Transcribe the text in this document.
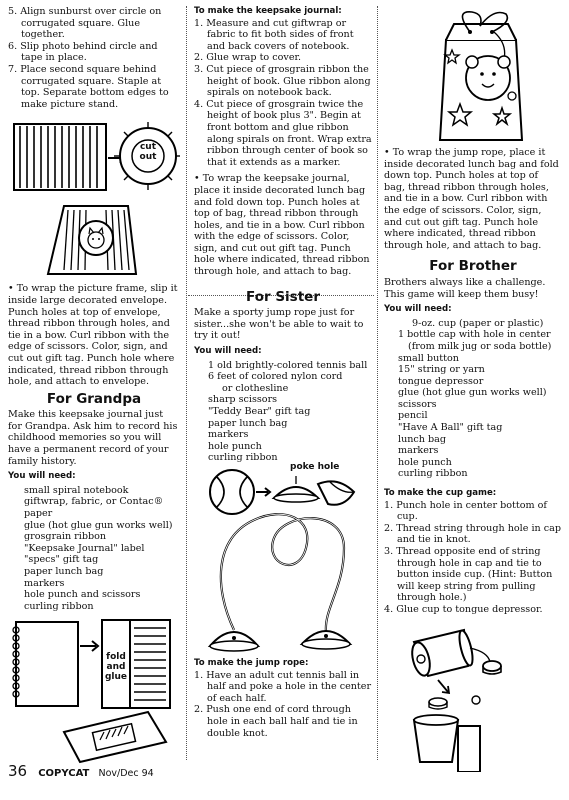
5. Align sunburst over circle on corrugated square. Glue together.
6. Slip photo behind circle and tape in place.
7. Place second square behind corrugated square. Staple at top. Separate bottom edges to make picture stand.
cut out
• To wrap the picture frame, slip it inside large decorated envelope. Punch holes at top of envelope, thread ribbon through holes, and tie in a bow. Curl ribbon with the edge of scissors. Color, sign, and cut out gift tag. Punch hole where indicated, thread ribbon through hole, and attach to envelope.
For Grandpa
Make this keepsake journal just for Grandpa. Ask him to record his childhood memories so you will have a permanent record of your family history.
You will need:
small spiral notebook
giftwrap, fabric, or Contac® paper
glue (hot glue gun works well)
grosgrain ribbon
"Keepsake Journal" label
"specs" gift tag
paper lunch bag
markers
hole punch and scissors
curling ribbon
fold and glue
To make the keepsake journal:
1. Measure and cut giftwrap or fabric to fit both sides of front and back covers of notebook.
2. Glue wrap to cover.
3. Cut piece of grosgrain ribbon the height of book. Glue ribbon along spirals on notebook back.
4. Cut piece of grosgrain twice the height of book plus 3". Begin at front bottom and glue ribbon along spirals on front. Wrap extra ribbon through center of book so that it extends as a marker.
• To wrap the keepsake journal, place it inside decorated lunch bag and fold down top. Punch holes at top of bag, thread ribbon through holes, and tie in a bow. Curl ribbon with the edge of scissors. Color, sign, and cut out gift tag. Punch hole where indicated, thread ribbon through hole, and attach to bag.
For Sister
Make a sporty jump rope just for sister...she won't be able to wait to try it out!
You will need:
1 old brightly-colored tennis ball
6 feet of colored nylon cord
or clothesline
sharp scissors
"Teddy Bear" gift tag
paper lunch bag
markers
hole punch
curling ribbon
poke hole
To make the jump rope:
1. Have an adult cut tennis ball in half and poke a hole in the center of each half.
2. Push one end of cord through hole in each ball half and tie in double knot.
• To wrap the jump rope, place it inside decorated lunch bag and fold down top. Punch holes at top of bag, thread ribbon through holes, and tie in a bow. Curl ribbon with the edge of scissors. Color, sign, and cut out gift tag. Punch hole where indicated, thread ribbon through hole, and attach to bag.
For Brother
Brothers always like a challenge. This game will keep them busy!
You will need:
9-oz. cup (paper or plastic)
1 bottle cap with hole in center
(from milk jug or soda bottle)
small button
15" string or yarn
tongue depressor
glue (hot glue gun works well)
scissors
pencil
"Have A Ball" gift tag
lunch bag
markers
hole punch
curling ribbon
To make the cup game:
1. Punch hole in center bottom of cup.
2. Thread string through hole in cap and tie in knot.
3. Thread opposite end of string through hole in cap and tie to button inside cup. (Hint: Button will keep string from pulling through hole.)
4. Glue cup to tongue depressor.
36 COPYCAT Nov/Dec 94
